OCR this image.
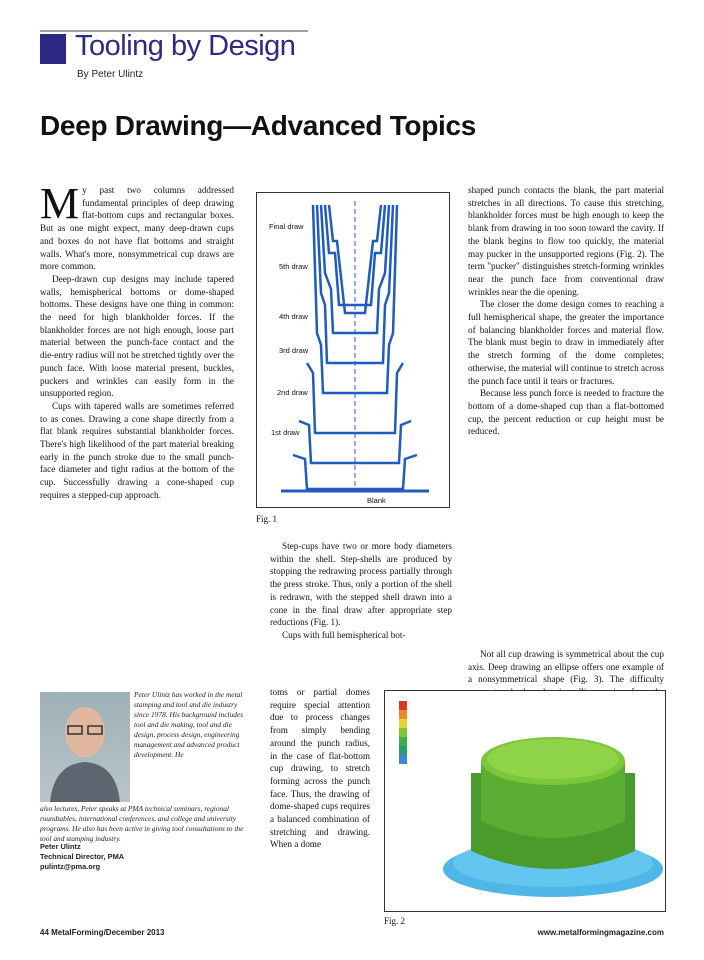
Tooling by Design
By Peter Ulintz
Deep Drawing—Advanced Topics

My past two columns addressed fundamental principles of deep drawing flat-bottom cups and rectangular boxes. But as one might expect, many deep-drawn cups and boxes do not have flat bottoms and straight walls. What's more, nonsymmetrical cup draws are more common.

Deep-drawn cup designs may include tapered walls, hemispherical bottoms or dome-shaped bottoms. These designs have one thing in common: the need for high blankholder forces. If the blankholder forces are not high enough, loose part material between the punch-face contact and the die-entry radius will not be stretched tightly over the punch face. With loose material present, buckles, puckers and wrinkles can easily form in the unsupported region.

Cups with tapered walls are sometimes referred to as cones. Drawing a cone shape directly from a flat blank requires substantial blankholder forces. There's high likelihood of the part material breaking early in the punch stroke due to the small punch-face diameter and tight radius at the bottom of the cup. Successfully drawing a cone-shaped cup requires a stepped-cup approach.

Final draw
5th draw
4th draw
3rd draw
2nd draw
1st draw
Blank
Fig. 1

Step-cups have two or more body diameters within the shell. Step-shells are produced by stopping the redrawing process partially through the press stroke. Thus, only a portion of the shell is redrawn, with the stepped shell drawn into a cone in the final draw after appropriate step reductions (Fig. 1).

Cups with full hemispherical bot-

toms or partial domes require special attention due to process changes from simply bending around the punch radius, in the case of flat-bottom cup drawing, to stretch forming across the punch face. Thus, the drawing of dome-shaped cups requires a balanced combination of stretching and drawing. When a dome

shaped punch contacts the blank, the part material stretches in all directions. To cause this stretching, blankholder forces must be high enough to keep the blank from drawing in too soon toward the cavity. If the blank begins to flow too quickly, the material may pucker in the unsupported regions (Fig. 2). The term "pucker" distinguishes stretch-forming wrinkles near the punch face from conventional draw wrinkles near the die opening.

The closer the dome design comes to reaching a full hemispherical shape, the greater the importance of balancing blankholder forces and material flow. The blank must begin to draw in immediately after the stretch forming of the dome completes; otherwise, the material will continue to stretch across the punch face until it tears or fractures.

Because less punch force is needed to fracture the bottom of a dome-shaped cup than a flat-bottomed cup, the percent reduction or cup height must be reduced.

Not all cup drawing is symmetrical about the cup axis. Deep drawing an ellipse offers one example of a nonsymmetrical shape (Fig. 3). The difficulty

Peter Ulintz has worked in the metal stamping and tool and die industry since 1978. His background includes tool and die making, tool and die design, process design, engineering management and advanced product development. He
also lectures, Peter speaks at PMA technical seminars, regional roundtables, international conferences, and college and university programs. He also has been active in giving tool consultations to the tool and stamping industry.
Peter Ulintz
Technical Director, PMA
pulintz@pma.org
Fig. 2
44 MetalForming/December 2013	www.metalformingmagazine.com
